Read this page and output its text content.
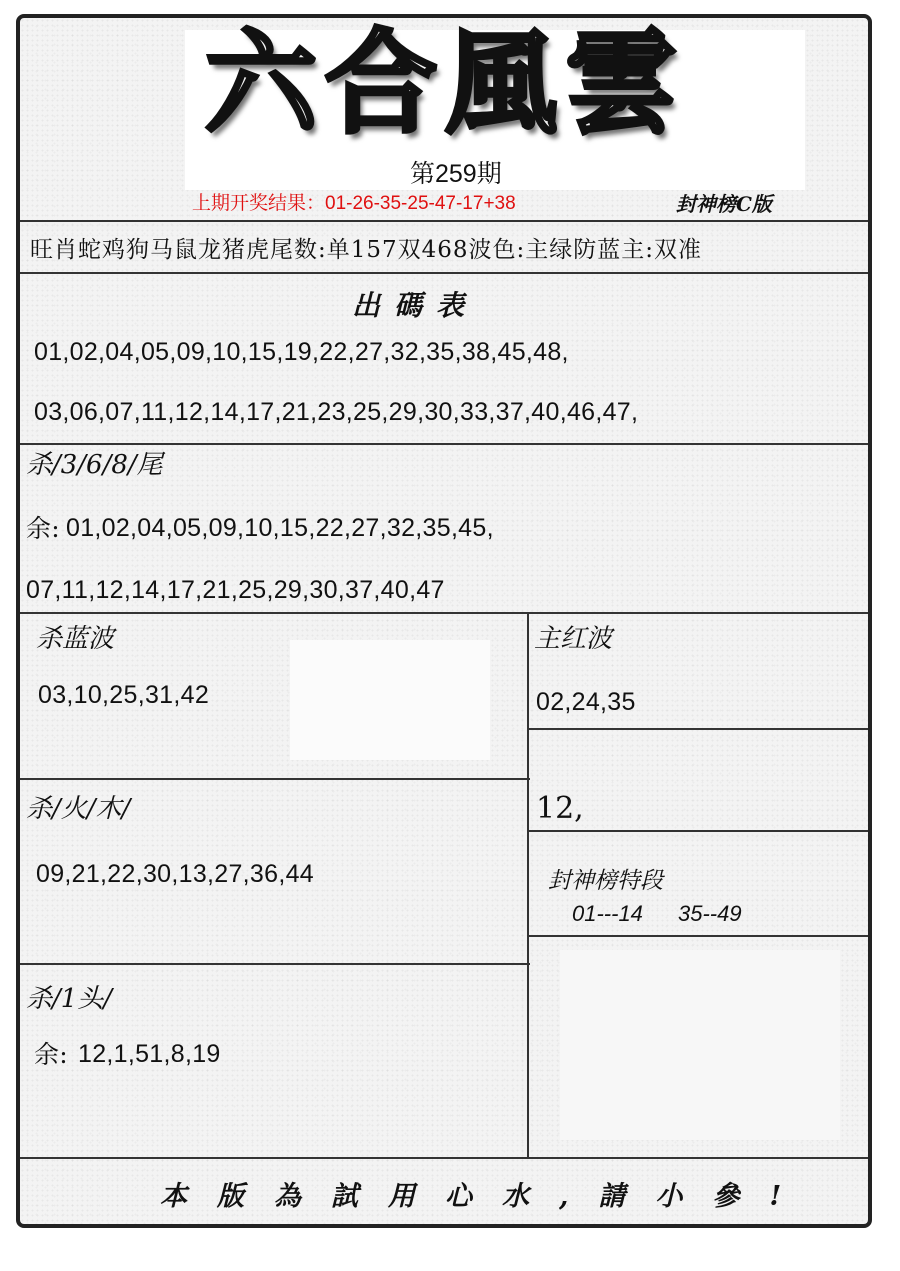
六合風雲
第259期
上期开奖结果：01-26-35-25-47-17+38	封神榜C版
旺肖蛇鸡狗马鼠龙猪虎尾数:单157双468波色:主绿防蓝主:双准
出碼表
01,02,04,05,09,10,15,19,22,27,32,35,38,45,48,
03,06,07,11,12,14,17,21,23,25,29,30,33,37,40,46,47,
杀/3/6/8/尾
余: 01,02,04,05,09,10,15,22,27,32,35,45,
07,11,12,14,17,21,25,29,30,37,40,47
杀蓝波
03,10,25,31,42
杀/火/木/
09,21,22,30,13,27,36,44
杀/1头/
余: 12,1,51,8,19
主红波
02,24,35
12,
封神榜特段
01---14 35--49
本版為試用心水,請小參!
